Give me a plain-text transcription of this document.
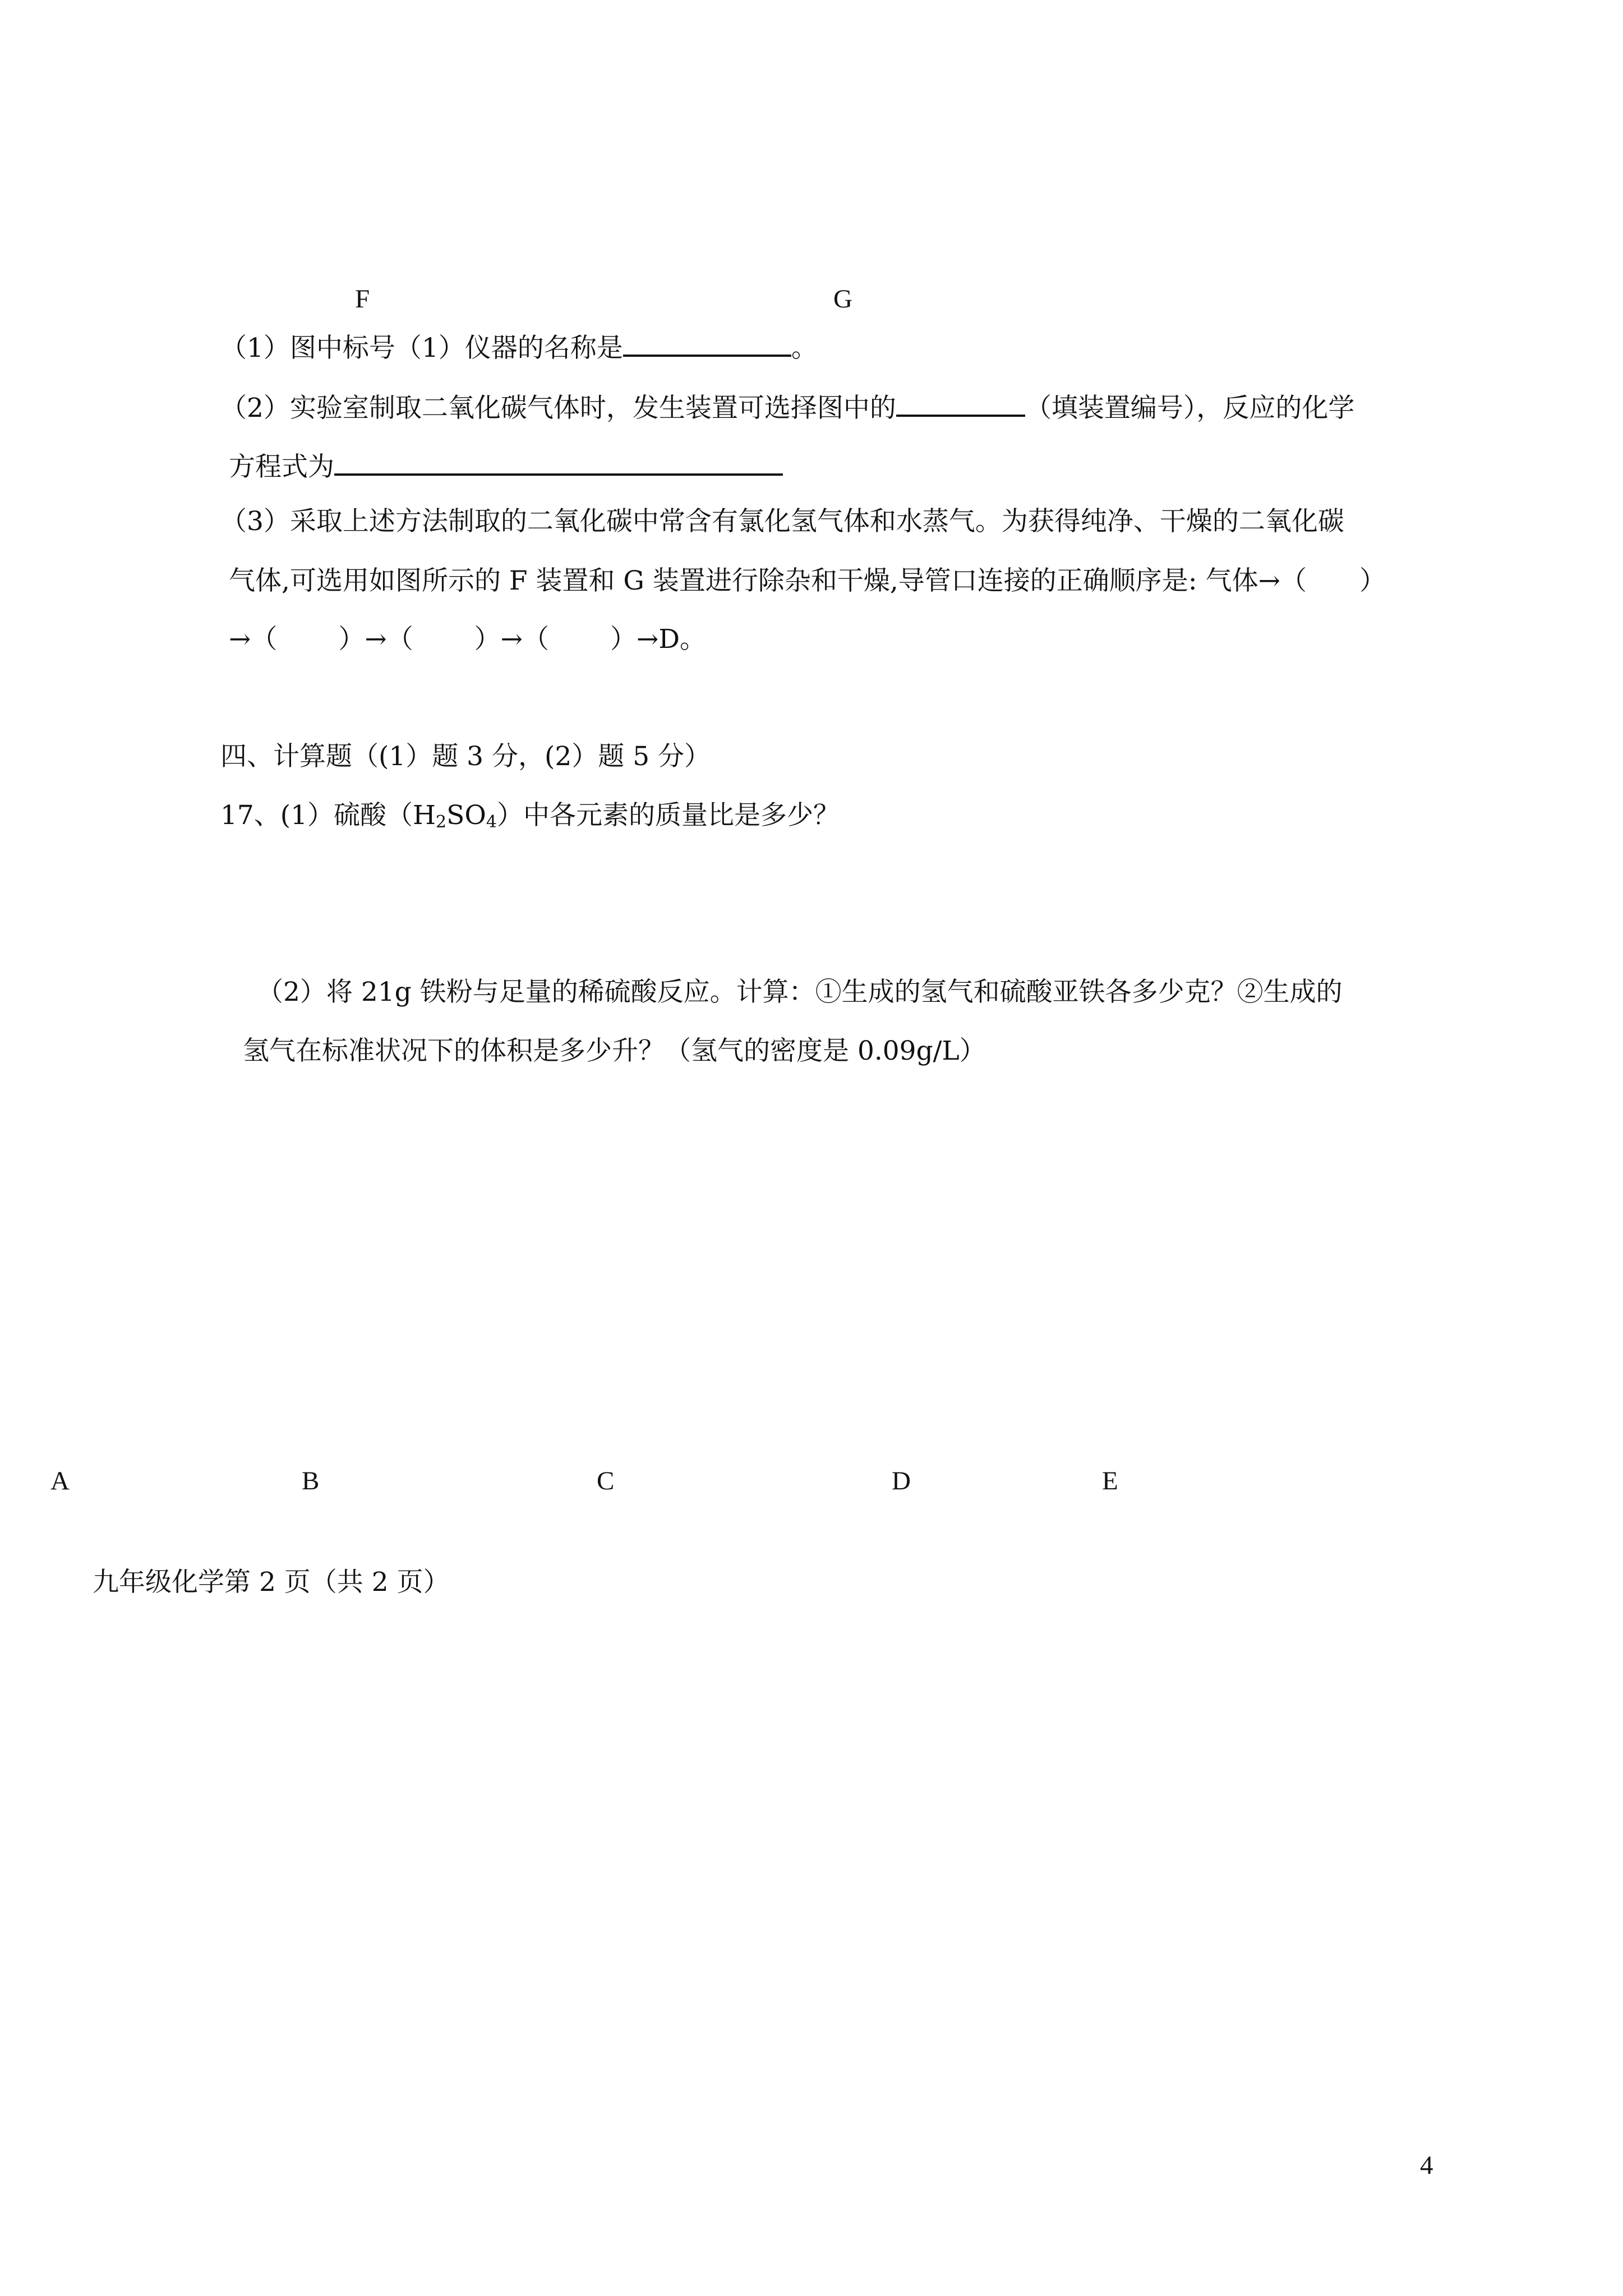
F	G
（1）图中标号（1）仪器的名称是	。
（2）实验室制取二氧化碳气体时，发生装置可选择图中的	（填装置编号），反应的化学
方程式为
（3）采取上述方法制取的二氧化碳中常含有氯化氢气体和水蒸气。为获得纯净、干燥的二氧化碳
气体,可选用如图所示的 F 装置和 G 装置进行除杂和干燥,导管口连接的正确顺序是: 气体→（　　）
→（　　 ）→（　　 ）→（　　 ）→D。
四、计算题（(1）题 3 分，(2）题 5 分）
17、(1）硫酸$(H_2SO_4)$中各元素的质量比是多少？
（2）将 21g 铁粉与足量的稀硫酸反应。计算：①生成的氢气和硫酸亚铁各多少克？②生成的
氢气在标准状况下的体积是多少升？（氢气的密度是 0.09g/L）
A	B	C	D	E
九年级化学第 2 页（共 2 页）
4
